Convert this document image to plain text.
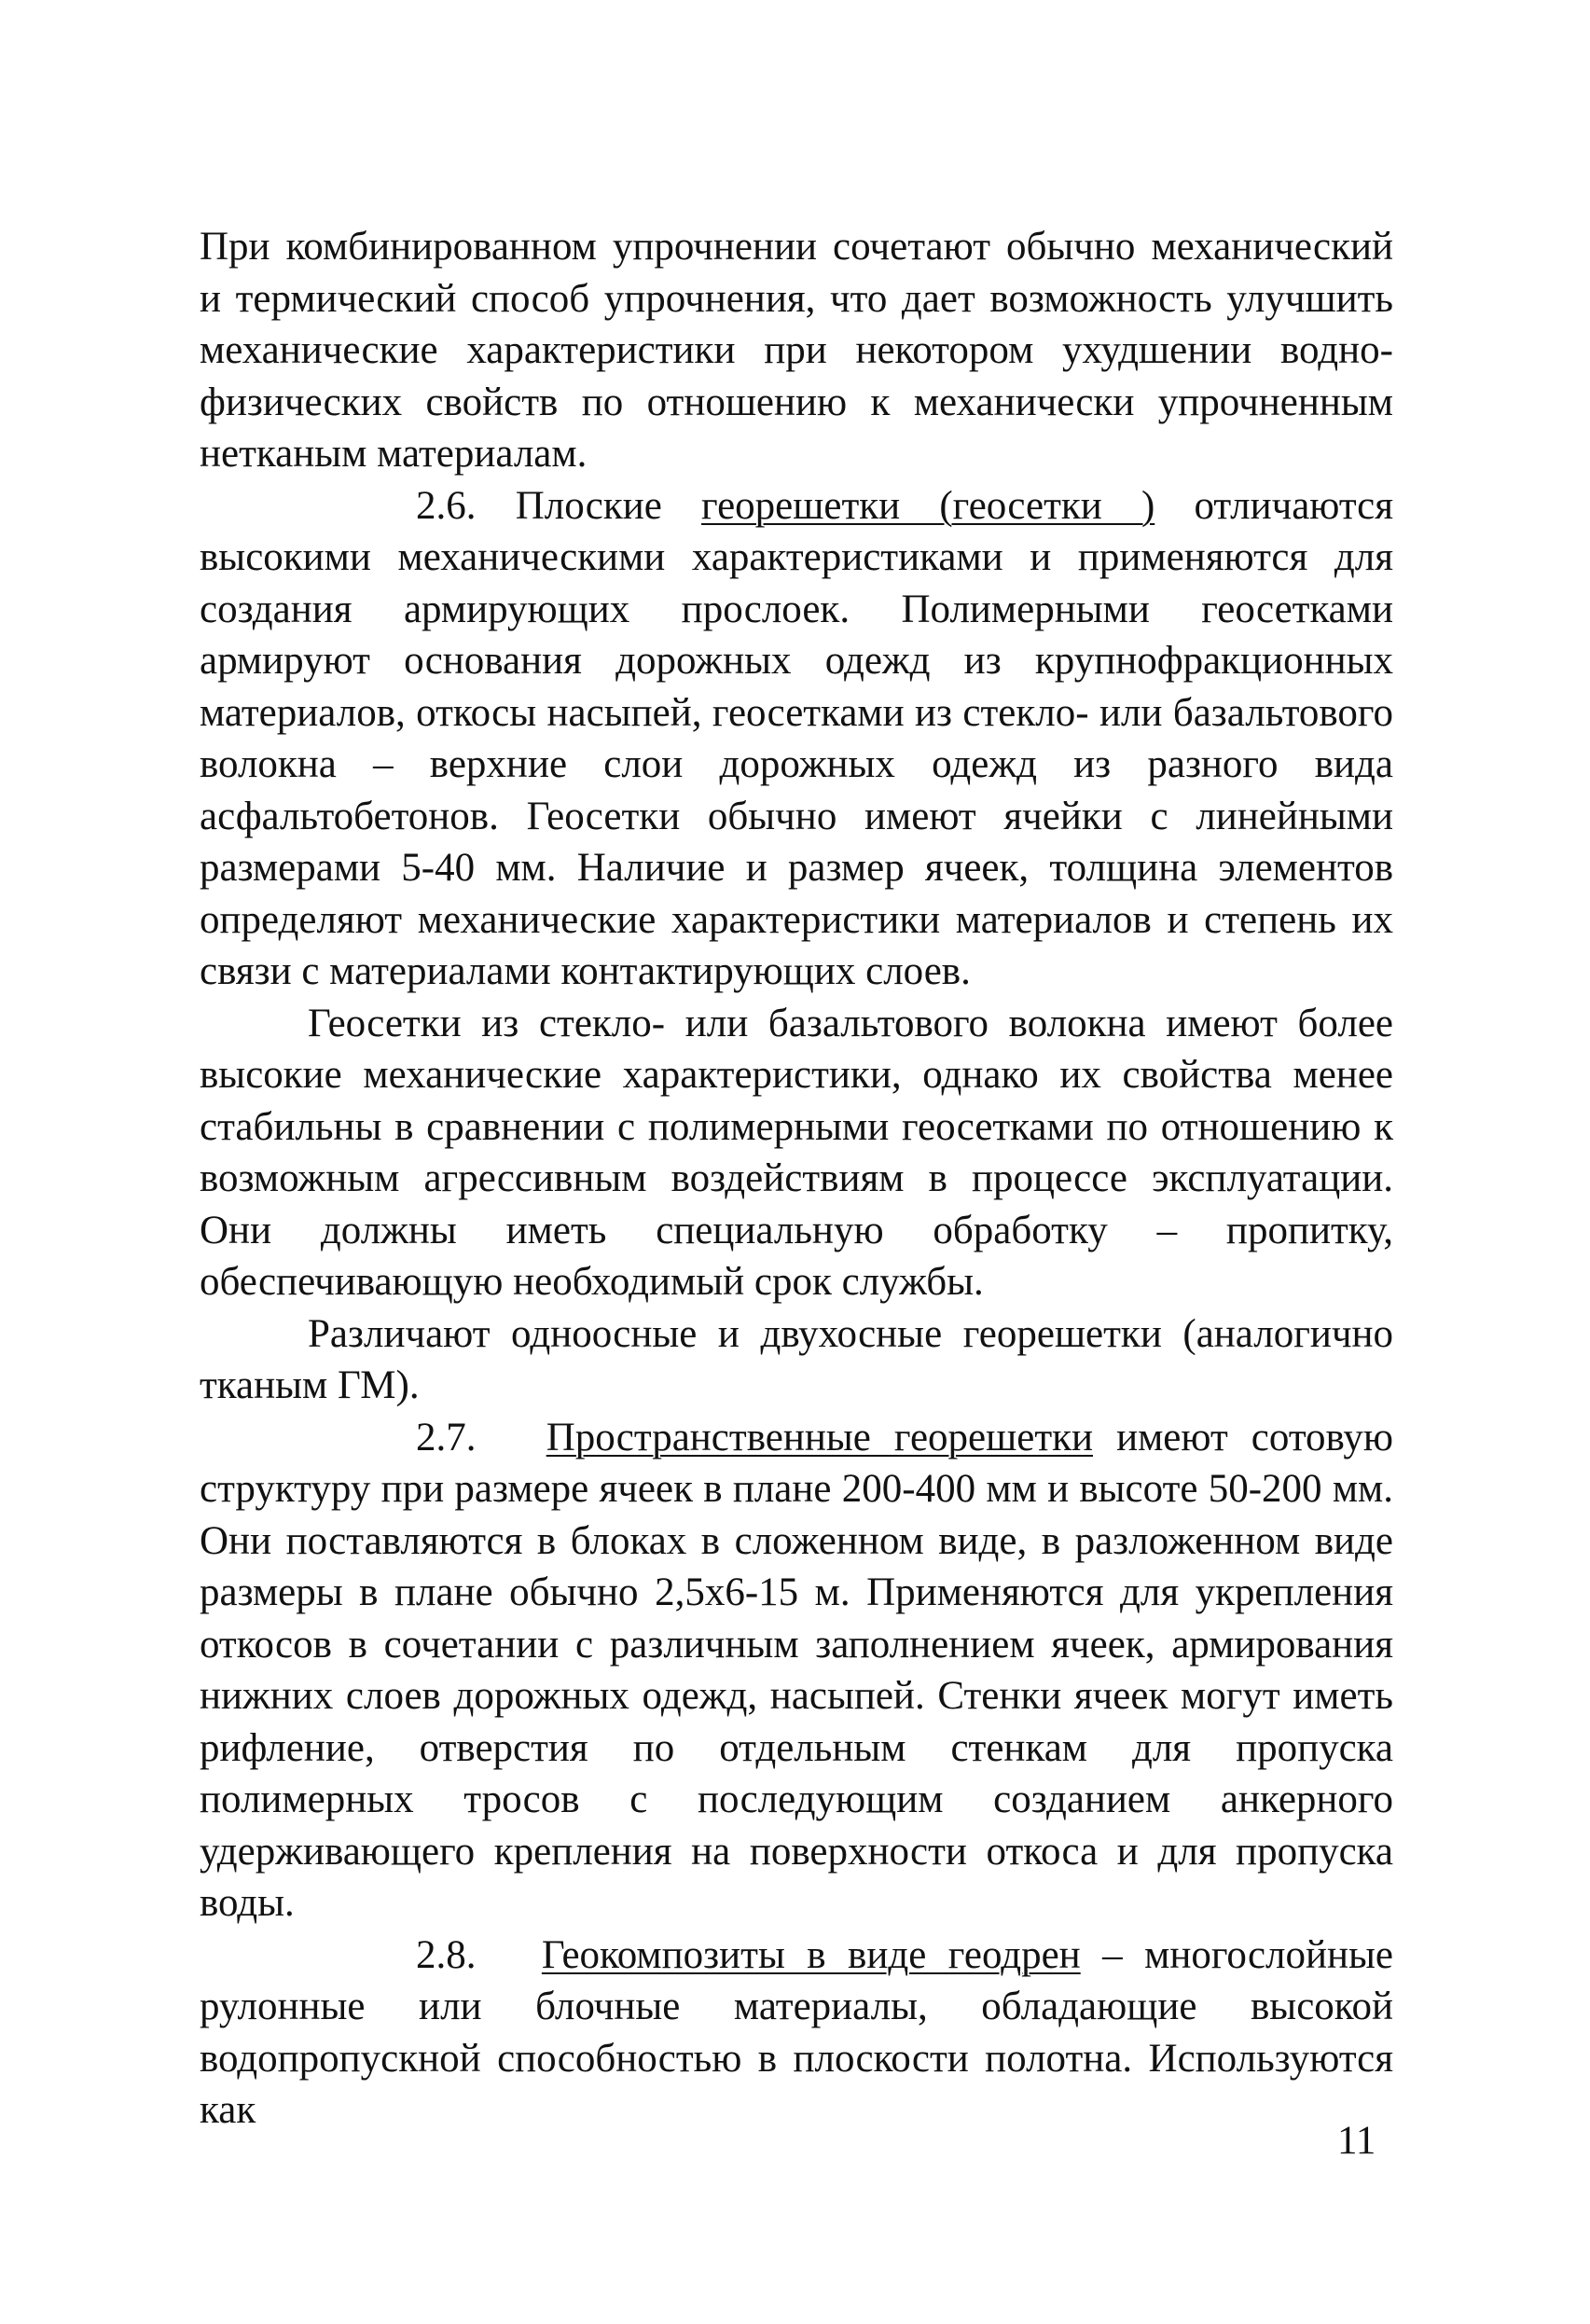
При комбинированном упрочнении сочетают обычно механический и термический способ упрочнения, что дает возможность улучшить механические характеристики при некотором ухудшении водно-физических свойств по отношению к механически упрочненным нетканым материалам.

2.6. Плоские георешетки (геосетки ) отличаются высокими механическими характеристиками и применяются для создания армирующих прослоек. Полимерными геосетками армируют основания дорожных одежд из крупнофракционных материалов, откосы насыпей, геосетками из стекло- или базальтового волокна – верхние слои дорожных одежд из разного вида асфальтобетонов. Геосетки обычно имеют ячейки с линейными размерами 5-40 мм. Наличие и размер ячеек, толщина элементов определяют механические характеристики материалов и степень их связи с материалами контактирующих слоев.

Геосетки из стекло- или базальтового волокна имеют более высокие механические характеристики, однако их свойства менее стабильны в сравнении с полимерными геосетками по отношению к возможным агрессивным воздействиям в процессе эксплуатации. Они должны иметь специальную обработку – пропитку, обеспечивающую необходимый срок службы.

Различают одноосные и двухосные георешетки (аналогично тканым ГМ).

2.7. Пространственные георешетки имеют сотовую структуру при размере ячеек в плане 200-400 мм и высоте 50-200 мм. Они поставляются в блоках в сложенном виде, в разложенном виде размеры в плане обычно 2,5х6-15 м. Применяются для укрепления откосов в сочетании с различным заполнением ячеек, армирования нижних слоев дорожных одежд, насыпей. Стенки ячеек могут иметь рифление, отверстия по отдельным стенкам для пропуска полимерных тросов с последующим созданием анкерного удерживающего крепления на поверхности откоса и для пропуска воды.

2.8. Геокомпозиты в виде геодрен – многослойные рулонные или блочные материалы, обладающие высокой водопропускной способностью в плоскости полотна. Используются как

11
